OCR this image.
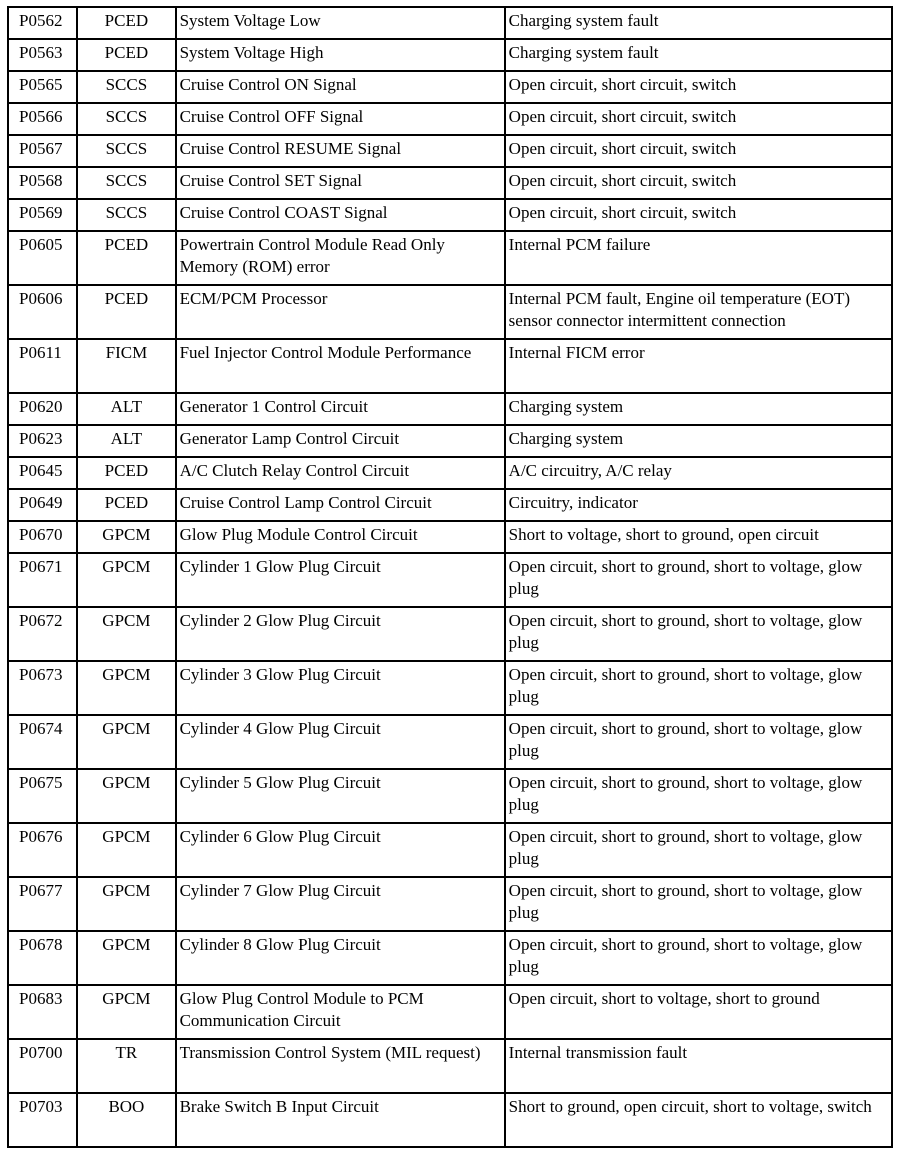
P0562	PCED	System Voltage Low	Charging system fault
P0563	PCED	System Voltage High	Charging system fault
P0565	SCCS	Cruise Control ON Signal	Open circuit, short circuit, switch
P0566	SCCS	Cruise Control OFF Signal	Open circuit, short circuit, switch
P0567	SCCS	Cruise Control RESUME Signal	Open circuit, short circuit, switch
P0568	SCCS	Cruise Control SET Signal	Open circuit, short circuit, switch
P0569	SCCS	Cruise Control COAST Signal	Open circuit, short circuit, switch
P0605	PCED	Powertrain Control Module Read Only Memory (ROM) error	Internal PCM failure
P0606	PCED	ECM/PCM Processor	Internal PCM fault, Engine oil temperature (EOT) sensor connector intermittent connection
P0611	FICM	Fuel Injector Control Module Performance	Internal FICM error
P0620	ALT	Generator 1 Control Circuit	Charging system
P0623	ALT	Generator Lamp Control Circuit	Charging system
P0645	PCED	A/C Clutch Relay Control Circuit	A/C circuitry, A/C relay
P0649	PCED	Cruise Control Lamp Control Circuit	Circuitry, indicator
P0670	GPCM	Glow Plug Module Control Circuit	Short to voltage, short to ground, open circuit
P0671	GPCM	Cylinder 1 Glow Plug Circuit	Open circuit, short to ground, short to voltage, glow plug
P0672	GPCM	Cylinder 2 Glow Plug Circuit	Open circuit, short to ground, short to voltage, glow plug
P0673	GPCM	Cylinder 3 Glow Plug Circuit	Open circuit, short to ground, short to voltage, glow plug
P0674	GPCM	Cylinder 4 Glow Plug Circuit	Open circuit, short to ground, short to voltage, glow plug
P0675	GPCM	Cylinder 5 Glow Plug Circuit	Open circuit, short to ground, short to voltage, glow plug
P0676	GPCM	Cylinder 6 Glow Plug Circuit	Open circuit, short to ground, short to voltage, glow plug
P0677	GPCM	Cylinder 7 Glow Plug Circuit	Open circuit, short to ground, short to voltage, glow plug
P0678	GPCM	Cylinder 8 Glow Plug Circuit	Open circuit, short to ground, short to voltage, glow plug
P0683	GPCM	Glow Plug Control Module to PCM Communication Circuit	Open circuit, short to voltage, short to ground
P0700	TR	Transmission Control System (MIL request)	Internal transmission fault
P0703	BOO	Brake Switch B Input Circuit	Short to ground, open circuit, short to voltage, switch
